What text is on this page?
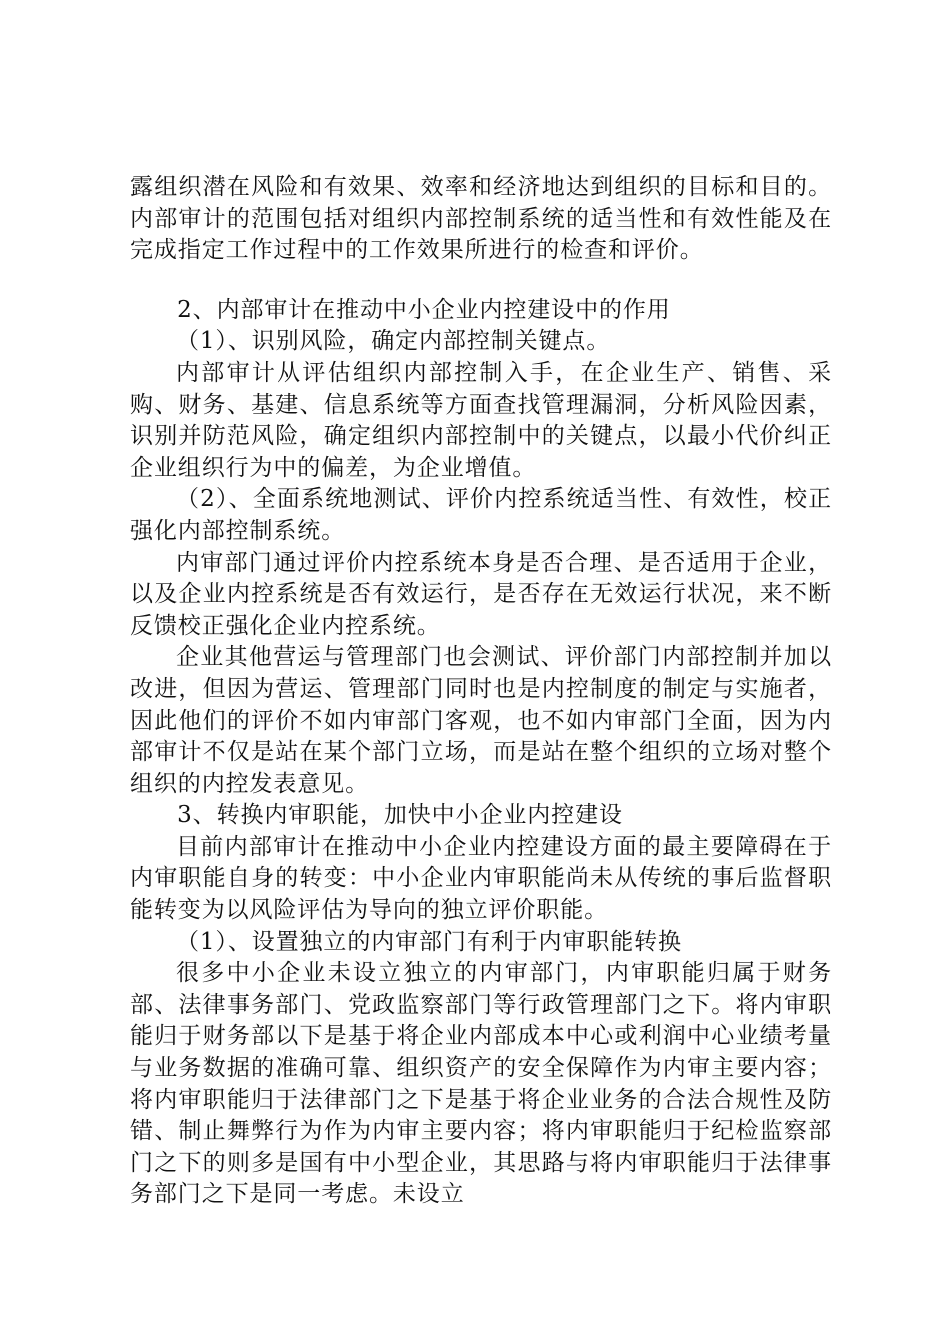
露组织潜在风险和有效果、效率和经济地达到组织的目标和目的。内部审计的范围包括对组织内部控制系统的适当性和有效性能及在完成指定工作过程中的工作效果所进行的检查和评价。

2、内部审计在推动中小企业内控建设中的作用

（1）、识别风险，确定内部控制关键点。

内部审计从评估组织内部控制入手，在企业生产、销售、采购、财务、基建、信息系统等方面查找管理漏洞，分析风险因素，识别并防范风险，确定组织内部控制中的关键点，以最小代价纠正企业组织行为中的偏差，为企业增值。

（2）、全面系统地测试、评价内控系统适当性、有效性，校正强化内部控制系统。

内审部门通过评价内控系统本身是否合理、是否适用于企业，以及企业内控系统是否有效运行，是否存在无效运行状况，来不断反馈校正强化企业内控系统。

企业其他营运与管理部门也会测试、评价部门内部控制并加以改进，但因为营运、管理部门同时也是内控制度的制定与实施者，因此他们的评价不如内审部门客观，也不如内审部门全面，因为内部审计不仅是站在某个部门立场，而是站在整个组织的立场对整个组织的内控发表意见。

3、转换内审职能，加快中小企业内控建设

目前内部审计在推动中小企业内控建设方面的最主要障碍在于内审职能自身的转变：中小企业内审职能尚未从传统的事后监督职能转变为以风险评估为导向的独立评价职能。

（1）、设置独立的内审部门有利于内审职能转换

很多中小企业未设立独立的内审部门，内审职能归属于财务部、法律事务部门、党政监察部门等行政管理部门之下。将内审职能归于财务部以下是基于将企业内部成本中心或利润中心业绩考量与业务数据的准确可靠、组织资产的安全保障作为内审主要内容；将内审职能归于法律部门之下是基于将企业业务的合法合规性及防错、制止舞弊行为作为内审主要内容；将内审职能归于纪检监察部门之下的则多是国有中小型企业，其思路与将内审职能归于法律事务部门之下是同一考虑。未设立
